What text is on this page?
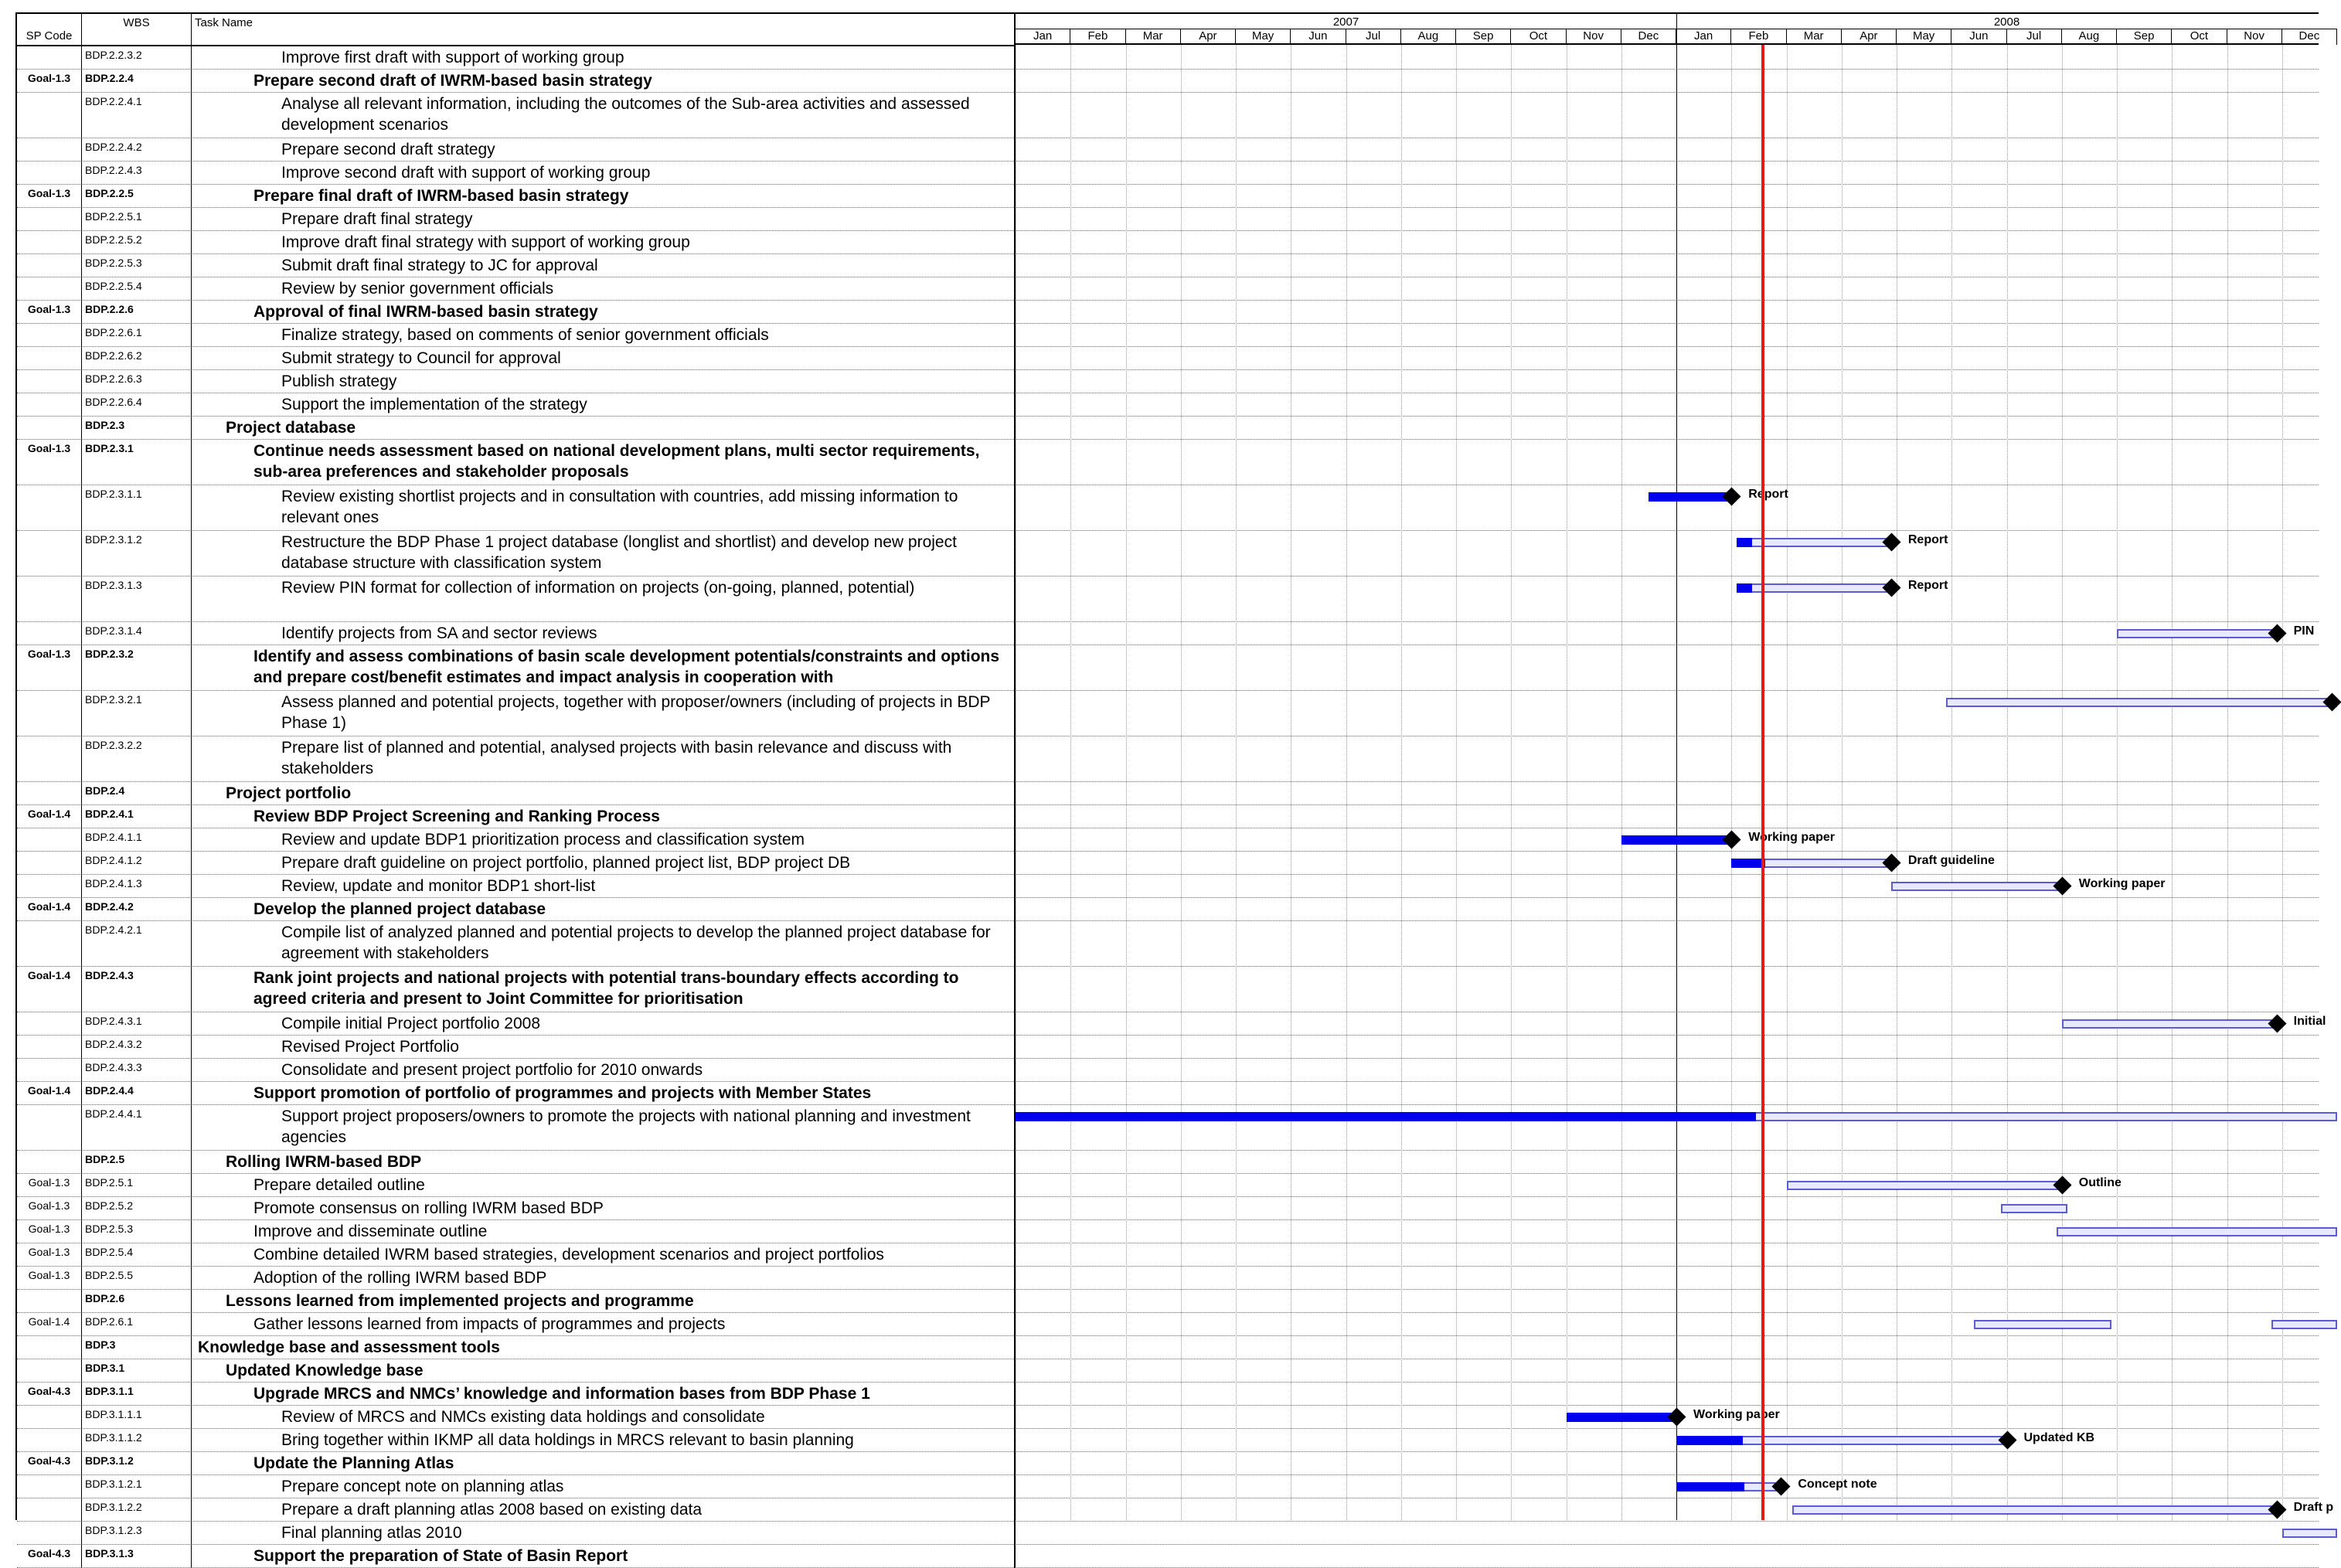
SP Code
WBS	Task Name
BDP.2.2.3.2	Improve first draft with support of working group
Goal-1.3	BDP.2.2.4	Prepare second draft of IWRM-based basin strategy
BDP.2.2.4.1	Analyse all relevant information, including the outcomes of the Sub-area activities and assessed development scenarios
BDP.2.2.4.2	Prepare second draft strategy
BDP.2.2.4.3	Improve second draft with support of working group
Goal-1.3	BDP.2.2.5	Prepare final draft of IWRM-based basin strategy
BDP.2.2.5.1	Prepare draft final strategy
BDP.2.2.5.2	Improve draft final strategy with support of working group
BDP.2.2.5.3	Submit draft final strategy to JC for approval
BDP.2.2.5.4	Review by senior government officials
Goal-1.3	BDP.2.2.6	Approval of final IWRM-based basin strategy
BDP.2.2.6.1	Finalize strategy, based on comments of senior government officials
BDP.2.2.6.2	Submit strategy to Council for approval
BDP.2.2.6.3	Publish strategy
BDP.2.2.6.4	Support the implementation of the strategy
BDP.2.3	Project database
Goal-1.3	BDP.2.3.1	Continue needs assessment based on national development plans, multi sector requirements, sub-area preferences and stakeholder proposals
BDP.2.3.1.1	Review existing shortlist projects and in consultation with countries, add missing information to relevant ones
BDP.2.3.1.2	Restructure the BDP Phase 1 project database (longlist and shortlist) and develop new project database structure with classification system
BDP.2.3.1.3	Review PIN format for collection of information on projects (on-going, planned, potential)
BDP.2.3.1.4	Identify projects from SA and sector reviews
Goal-1.3	BDP.2.3.2	Identify and assess combinations of basin scale development potentials/constraints and options and prepare cost/benefit estimates and impact analysis in cooperation with
BDP.2.3.2.1	Assess planned and potential projects, together with proposer/owners (including of projects in BDP Phase 1)
BDP.2.3.2.2	Prepare list of planned and potential, analysed projects with basin relevance and discuss with stakeholders
BDP.2.4	Project portfolio
Goal-1.4	BDP.2.4.1	Review BDP Project Screening and Ranking Process
BDP.2.4.1.1	Review and update BDP1 prioritization process and classification system
BDP.2.4.1.2	Prepare draft guideline on project portfolio, planned project list, BDP project DB
BDP.2.4.1.3	Review, update and monitor BDP1 short-list
Goal-1.4	BDP.2.4.2	Develop the planned project database
BDP.2.4.2.1	Compile list of analyzed planned and potential projects to develop the planned project database for agreement with stakeholders
Goal-1.4	BDP.2.4.3	Rank joint projects and national projects with potential trans-boundary effects according to agreed criteria and present to Joint Committee for prioritisation
BDP.2.4.3.1	Compile initial Project portfolio 2008
BDP.2.4.3.2	Revised Project Portfolio
BDP.2.4.3.3	Consolidate and present project portfolio for 2010 onwards
Goal-1.4	BDP.2.4.4	Support promotion of portfolio of programmes and projects with Member States
BDP.2.4.4.1	Support project proposers/owners to promote the projects with national planning and investment agencies
BDP.2.5	Rolling IWRM-based BDP
Goal-1.3	BDP.2.5.1	Prepare detailed outline
Goal-1.3	BDP.2.5.2	Promote consensus on rolling IWRM based BDP
Goal-1.3	BDP.2.5.3	Improve and disseminate outline
Goal-1.3	BDP.2.5.4	Combine detailed IWRM based strategies, development scenarios and project portfolios
Goal-1.3	BDP.2.5.5	Adoption of the rolling IWRM based BDP
BDP.2.6	Lessons learned from implemented projects and programme
Goal-1.4	BDP.2.6.1	Gather lessons learned from impacts of programmes and projects
BDP.3	Knowledge base and assessment tools
BDP.3.1	Updated Knowledge base
Goal-4.3	BDP.3.1.1	Upgrade MRCS and NMCs’ knowledge and information bases from BDP Phase 1
BDP.3.1.1.1	Review of MRCS and NMCs existing data holdings and consolidate
BDP.3.1.1.2	Bring together within IKMP all data holdings in MRCS relevant to basin planning
Goal-4.3	BDP.3.1.2	Update the Planning Atlas
BDP.3.1.2.1	Prepare concept note on planning atlas
BDP.3.1.2.2	Prepare a draft planning atlas 2008 based on existing data
BDP.3.1.2.3	Final planning atlas 2010
Goal-4.3	BDP.3.1.3	Support the preparation of State of Basin Report
2007	2008
Jan	Feb	Mar	Apr	May	Jun	Jul	Aug	Sep	Oct	Nov	Dec	Jan	Feb	Mar	Apr	May	Jun	Jul	Aug	Sep	Oct	Nov	Dec
Report
Report
Report
PIN
Working paper
Draft guideline
Working paper
Initial
Outline
Working paper
Updated KB
Concept note
Draft p
